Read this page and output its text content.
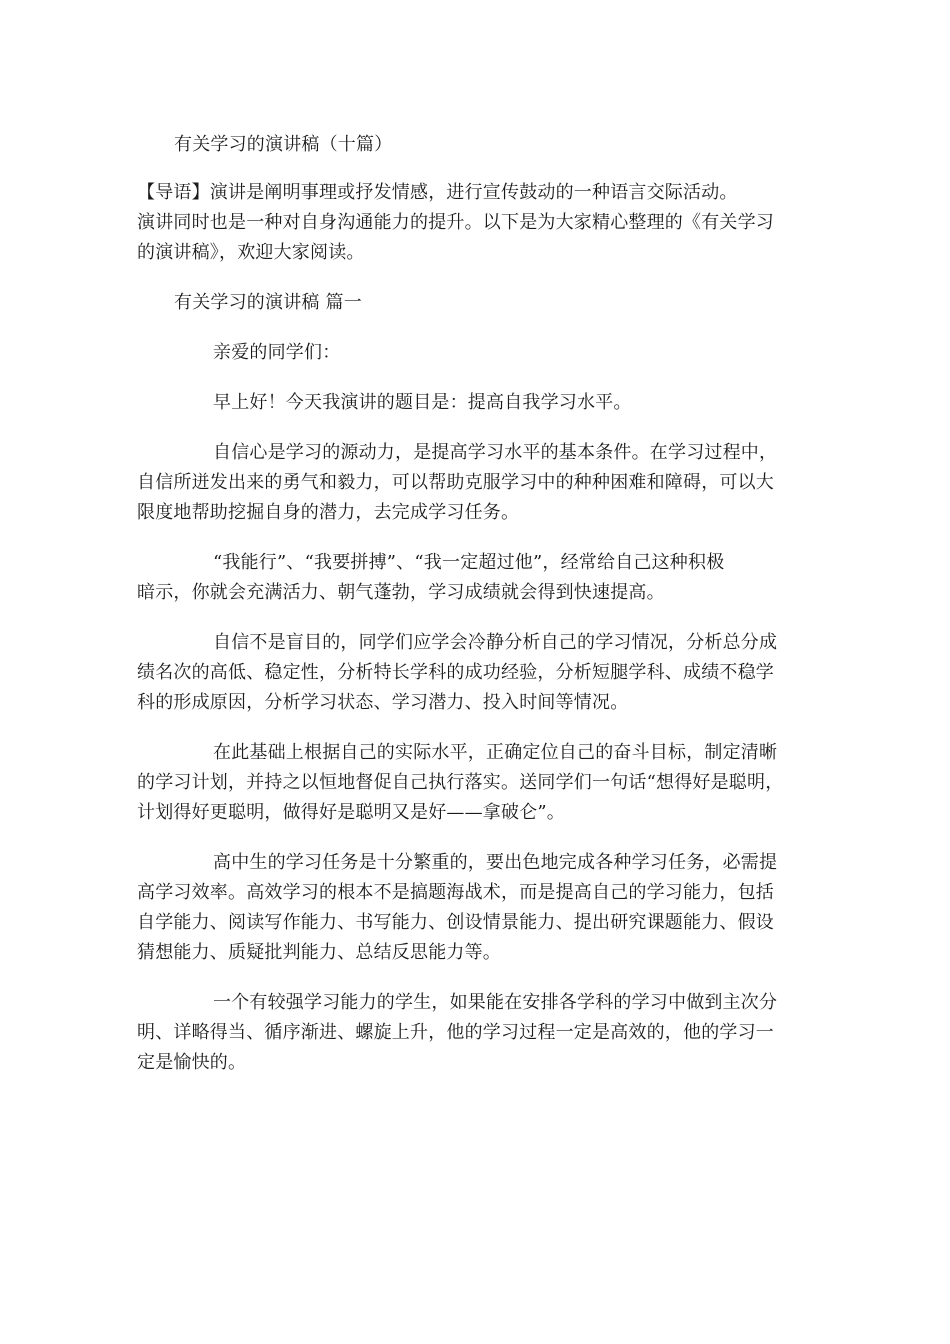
有关学习的演讲稿（十篇）
【导语】演讲是阐明事理或抒发情感，进行宣传鼓动的一种语言交际活动。
演讲同时也是一种对自身沟通能力的提升。以下是为大家精心整理的《有关学习
的演讲稿》，欢迎大家阅读。
有关学习的演讲稿 篇一
亲爱的同学们：
早上好！今天我演讲的题目是：提高自我学习水平。
自信心是学习的源动力，是提高学习水平的基本条件。在学习过程中，
自信所迸发出来的勇气和毅力，可以帮助克服学习中的种种困难和障碍，可以大
限度地帮助挖掘自身的潜力，去完成学习任务。
“我能行”、“我要拼搏”、“我一定超过他”，经常给自己这种积极
暗示，你就会充满活力、朝气蓬勃，学习成绩就会得到快速提高。
自信不是盲目的，同学们应学会冷静分析自己的学习情况，分析总分成
绩名次的高低、稳定性，分析特长学科的成功经验，分析短腿学科、成绩不稳学
科的形成原因，分析学习状态、学习潜力、投入时间等情况。
在此基础上根据自己的实际水平，正确定位自己的奋斗目标，制定清晰
的学习计划，并持之以恒地督促自己执行落实。送同学们一句话“想得好是聪明，
计划得好更聪明，做得好是聪明又是好——拿破仑”。
高中生的学习任务是十分繁重的，要出色地完成各种学习任务，必需提
高学习效率。高效学习的根本不是搞题海战术，而是提高自己的学习能力，包括
自学能力、阅读写作能力、书写能力、创设情景能力、提出研究课题能力、假设
猜想能力、质疑批判能力、总结反思能力等。
一个有较强学习能力的学生，如果能在安排各学科的学习中做到主次分
明、详略得当、循序渐进、螺旋上升，他的学习过程一定是高效的，他的学习一
定是愉快的。
